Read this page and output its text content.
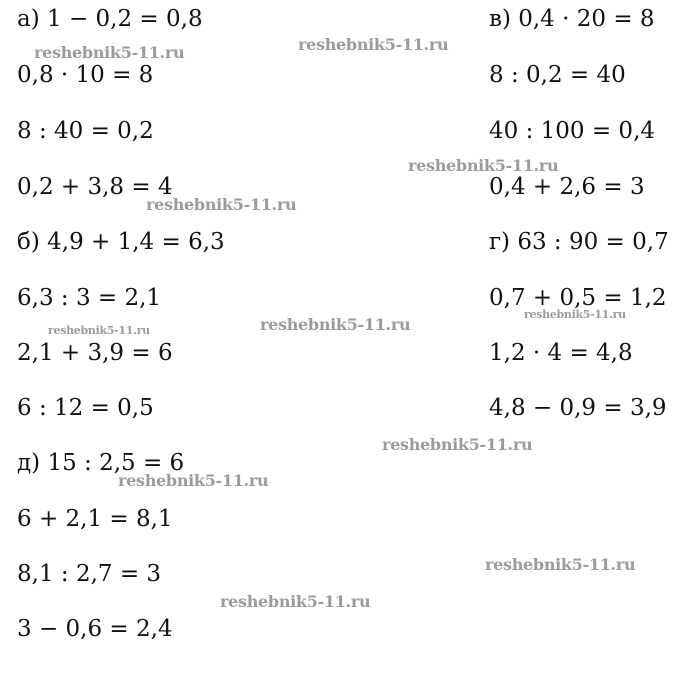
а) 1 − 0,2 = 0,8
0,8 · 10 = 8
8 : 40 = 0,2
0,2 + 3,8 = 4
б) 4,9 + 1,4 = 6,3
6,3 : 3 = 2,1
2,1 + 3,9 = 6
6 : 12 = 0,5
д) 15 : 2,5 = 6
6 + 2,1 = 8,1
8,1 : 2,7 = 3
3 − 0,6 = 2,4
в) 0,4 · 20 = 8
8 : 0,2 = 40
40 : 100 = 0,4
0,4 + 2,6 = 3
г) 63 : 90 = 0,7
0,7 + 0,5 = 1,2
1,2 · 4 = 4,8
4,8 − 0,9 = 3,9
reshebnik5-11.ru	reshebnik5-11.ru
reshebnik5-11.ru
reshebnik5-11.ru
reshebnik5-11.ru
reshebnik5-11.ru
reshebnik5-11.ru
reshebnik5-11.ru
reshebnik5-11.ru
reshebnik5-11.ru
reshebnik5-11.ru
